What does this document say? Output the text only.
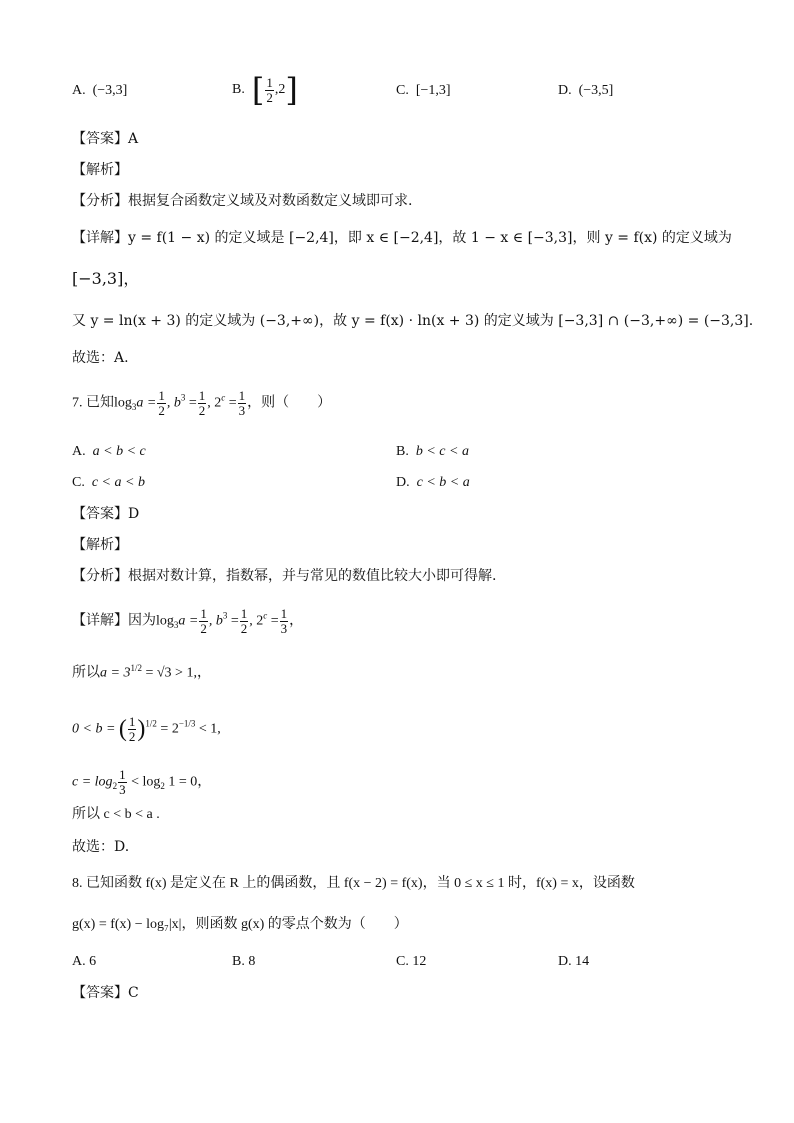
A. (−3,3]	B. [ $\frac{1}{2} ,2$]	C. [−1,3]	D. (−3,5]
【答案】A
【解析】
【分析】根据复合函数定义域及对数函数定义域即可求.
【详解】y = f(1 − x) 的定义域是 [−2,4]，即 x ∈ [−2,4]，故 1 − x ∈ [−3,3]，则 y = f(x) 的定义域为
[−3,3]，
又 y = ln(x + 3) 的定义域为 (−3,+∞)，故 y = f(x) · ln(x + 3) 的定义域为 [−3,3] ∩ (−3,+∞) = (−3,3].
故选：A.
7. 已知$\log_3a = \frac{1}{2}$ , $b^3 = \frac{1}{2}$ , $2^c = \frac{1}{3}$ ，则（　　）
A. a < b < c	B. b < c < a
C. c < a < b	D. c < b < a
【答案】D
【解析】
【分析】根据对数计算，指数幂，并与常见的数值比较大小即可得解.
【详解】因为$\log_3a = \frac{1}{2}$ , $b^3 = \frac{1}{2}$ , $2^c = \frac{1}{3}$ ，
所以$a = 3^{1/2} = √3 > 1$,，
0 < b = ( $\frac{1}{2} )^{1/2} = 2^{-1/3} < 1$,
$c = \log_2 \frac{1}{3} < \log_2 1 = 0$，
所以 c < b < a .
故选：D.
8. 已知函数 f(x) 是定义在 R 上的偶函数，且 f(x − 2) = f(x)，当 0 ≤ x ≤ 1 时，f(x) = x，设函数
g(x) = f(x) − log₇|x|，则函数 g(x) 的零点个数为（　　）
A. 6	B. 8	C. 12	D. 14
【答案】C
